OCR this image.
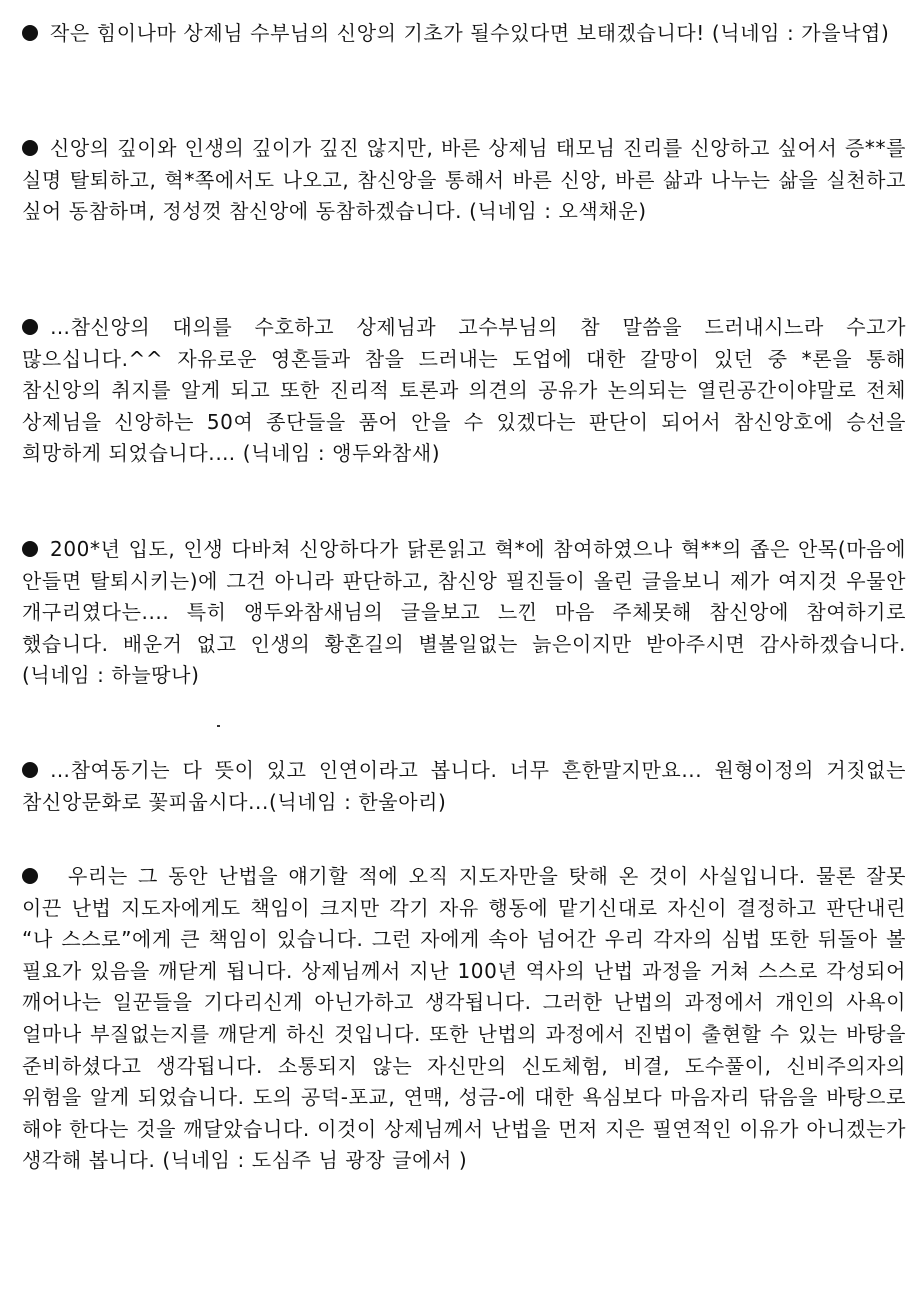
작은 힘이나마 상제님 수부님의 신앙의 기초가 될수있다면 보태겠습니다! (닉네임 : 가을낙엽)

신앙의 깊이와 인생의 깊이가 깊진 않지만, 바른 상제님 태모님 진리를 신앙하고 싶어서 증**를 실명 탈퇴하고, 혁*쪽에서도 나오고, 참신앙을 통해서 바른 신앙, 바른 삶과 나누는 삶을 실천하고 싶어 동참하며, 정성껏 참신앙에 동참하겠습니다. (닉네임 : 오색채운)

…참신앙의 대의를 수호하고 상제님과 고수부님의 참 말씀을 드러내시느라 수고가 많으십니다.^^ 자유로운 영혼들과 참을 드러내는 도업에 대한 갈망이 있던 중 *론을 통해 참신앙의 취지를 알게 되고 또한 진리적 토론과 의견의 공유가 논의되는 열린공간이야말로 전체 상제님을 신앙하는 50여 종단들을 품어 안을 수 있겠다는 판단이 되어서 참신앙호에 승선을 희망하게 되었습니다.… (닉네임 : 앵두와참새)

200*년 입도, 인생 다바쳐 신앙하다가 닭론읽고 혁*에 참여하였으나 혁**의 좁은 안목(마음에 안들면 탈퇴시키는)에 그건 아니라 판단하고, 참신앙 필진들이 올린 글을보니 제가 여지것 우물안 개구리였다는.... 특히 앵두와참새님의 글을보고 느낀 마음 주체못해 참신앙에 참여하기로 했습니다. 배운거 없고 인생의 황혼길의 별볼일없는 늙은이지만 받아주시면 감사하겠습니다. (닉네임 : 하늘땅나)

…참여동기는 다 뜻이 있고 인연이라고 봅니다. 너무 흔한말지만요... 원형이정의 거짓없는 참신앙문화로 꽃피웁시다...(닉네임 : 한울아리)

우리는 그 동안 난법을 얘기할 적에 오직 지도자만을 탓해 온 것이 사실입니다. 물론 잘못 이끈 난법 지도자에게도 책임이 크지만 각기 자유 행동에 맡기신대로 자신이 결정하고 판단내린 “나 스스로”에게 큰 책임이 있습니다. 그런 자에게 속아 넘어간 우리 각자의 심법 또한 뒤돌아 볼 필요가 있음을 깨닫게 됩니다. 상제님께서 지난 100년 역사의 난법 과정을 거쳐 스스로 각성되어 깨어나는 일꾼들을 기다리신게 아닌가하고 생각됩니다. 그러한 난법의 과정에서 개인의 사욕이 얼마나 부질없는지를 깨닫게 하신 것입니다. 또한 난법의 과정에서 진법이 출현할 수 있는 바탕을 준비하셨다고 생각됩니다. 소통되지 않는 자신만의 신도체험, 비결, 도수풀이, 신비주의자의 위험을 알게 되었습니다. 도의 공덕-포교, 연맥, 성금-에 대한 욕심보다 마음자리 닦음을 바탕으로 해야 한다는 것을 깨달았습니다. 이것이 상제님께서 난법을 먼저 지은 필연적인 이유가 아니겠는가 생각해 봅니다. (닉네임 : 도심주 님 광장 글에서 )
